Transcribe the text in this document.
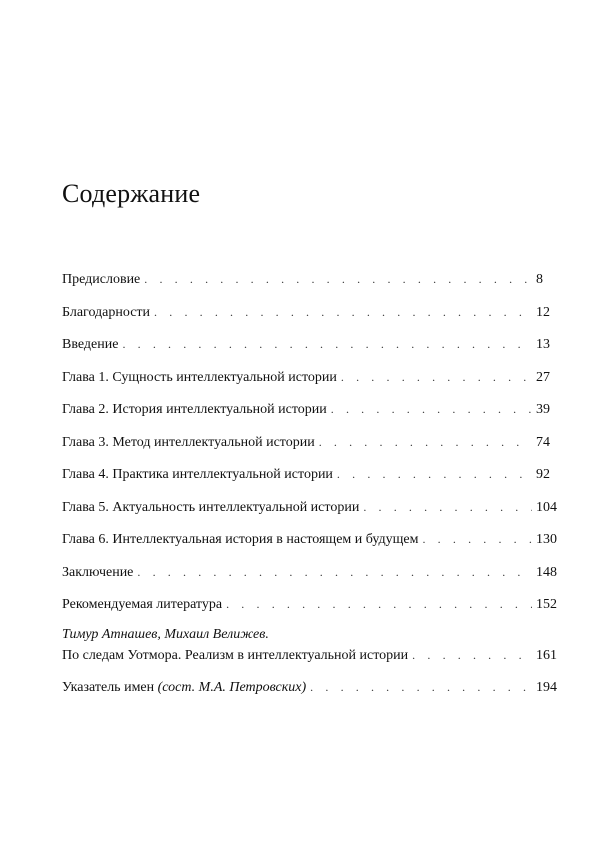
Содержание
Предисловие . . .	8
Благодарности . . .	12
Введение . . .	13
Глава 1. Сущность интеллектуальной истории . . .	27
Глава 2. История интеллектуальной истории . . .	39
Глава 3. Метод интеллектуальной истории . . .	74
Глава 4. Практика интеллектуальной истории . . .	92
Глава 5. Актуальность интеллектуальной истории . . .	104
Глава 6. Интеллектуальная история в настоящем и будущем . . .	130
Заключение . . .	148
Рекомендуемая литература . . .	152
Тимур Атнашев, Михаил Велижев.
По следам Уотмора. Реализм в интеллектуальной истории . . .	161
Указатель имен (сост. М.А. Петровских) . . .	194
